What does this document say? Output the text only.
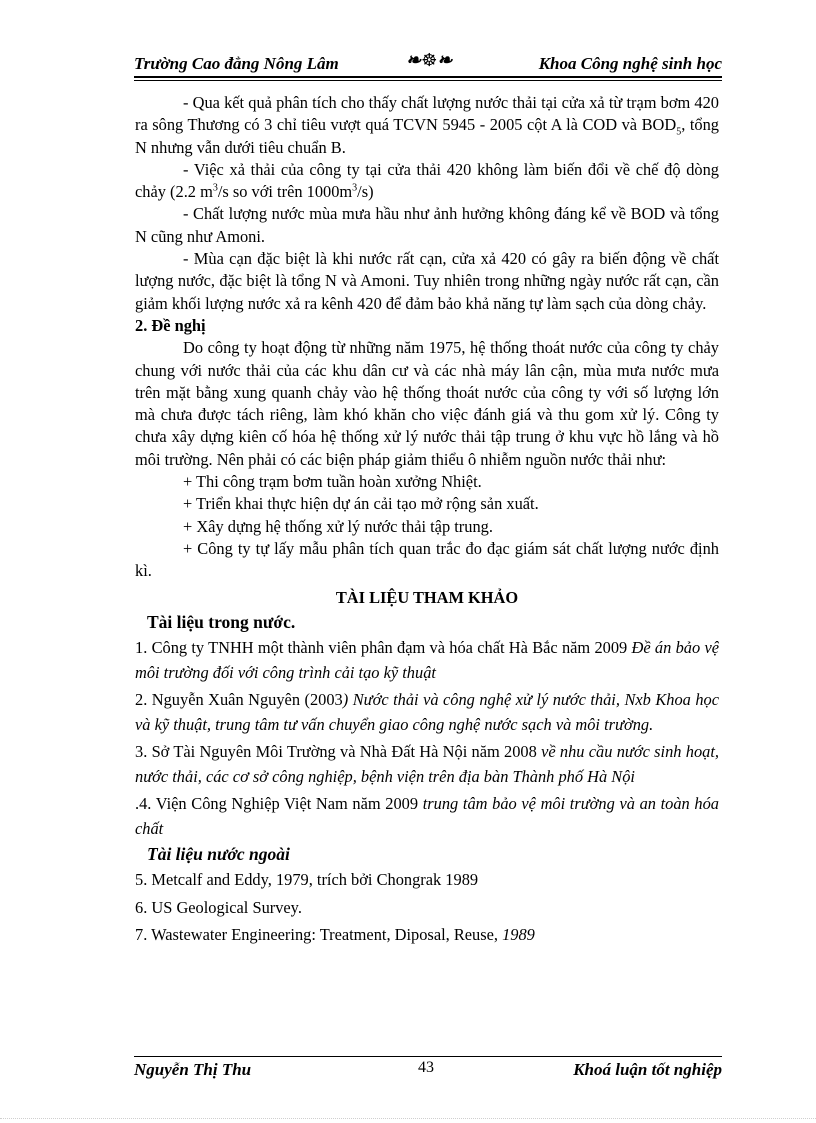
Trường Cao đẳng Nông Lâm	❧☸❧	Khoa Công nghệ sinh học

- Qua kết quả phân tích cho thấy chất lượng nước thải tại cửa xả từ trạm bơm 420 ra sông Thương có 3 chỉ tiêu vượt quá TCVN 5945 - 2005 cột A là COD và $BOD_5$, tổng N nhưng vẫn dưới tiêu chuẩn B.

- Việc xả thải của công ty tại cửa thải 420 không làm biến đổi về chế độ dòng chảy (2.2 $m^3/s$ so với trên $1000m^3/s$)

- Chất lượng nước mùa mưa hầu như ảnh hưởng không đáng kể về BOD và tổng N cũng như Amoni.

- Mùa cạn đặc biệt là khi nước rất cạn, cửa xả 420 có gây ra biến động về chất lượng nước, đặc biệt là tổng N và Amoni. Tuy nhiên trong những ngày nước rất cạn, cần giảm khối lượng nước xả ra kênh 420 để đảm bảo khả năng tự làm sạch của dòng chảy.

2. Đề nghị

Do công ty hoạt động từ những năm 1975, hệ thống thoát nước của công ty chảy chung với nước thải của các khu dân cư và các nhà máy lân cận, mùa mưa nước mưa trên mặt bằng xung quanh chảy vào hệ thống thoát nước của công ty với số lượng lớn mà chưa được tách riêng, làm khó khăn cho việc đánh giá và thu gom xử lý. Công ty chưa xây dựng kiên cố hóa hệ thống xử lý nước thải tập trung ở khu vực hồ lắng và hồ môi trường. Nên phải có các biện pháp giảm thiểu ô nhiễm nguồn nước thải như:

+ Thi công trạm bơm tuần hoàn xưởng Nhiệt.

+ Triển khai thực hiện dự án cải tạo mở rộng sản xuất.

+ Xây dựng hệ thống xử lý nước thải tập trung.

+ Công ty tự lấy mẫu phân tích quan trắc đo đạc giám sát chất lượng nước định kì.

TÀI LIỆU THAM KHẢO

Tài liệu trong nước.

1. Công ty TNHH một thành viên phân đạm và hóa chất Hà Bắc năm 2009 Đề án bảo vệ môi trường đối với công trình cải tạo kỹ thuật

2. Nguyễn Xuân Nguyên (2003) Nước thải và công nghệ xử lý nước thải, Nxb Khoa học và kỹ thuật, trung tâm tư vấn chuyển giao công nghệ nước sạch và môi trường.

3. Sở Tài Nguyên Môi Trường và Nhà Đất Hà Nội năm 2008 về nhu cầu nước sinh hoạt, nước thải, các cơ sở công nghiệp, bệnh viện trên địa bàn Thành phố Hà Nội

.4. Viện Công Nghiệp Việt Nam năm 2009 trung tâm bảo vệ môi trường và an toàn hóa chất

Tài liệu nước ngoài

5. Metcalf and Eddy, 1979, trích bởi Chongrak 1989

6. US Geological Survey.

7. Wastewater Engineering: Treatment, Diposal, Reuse, 1989

Nguyễn Thị Thu	43	Khoá luận tốt nghiệp
